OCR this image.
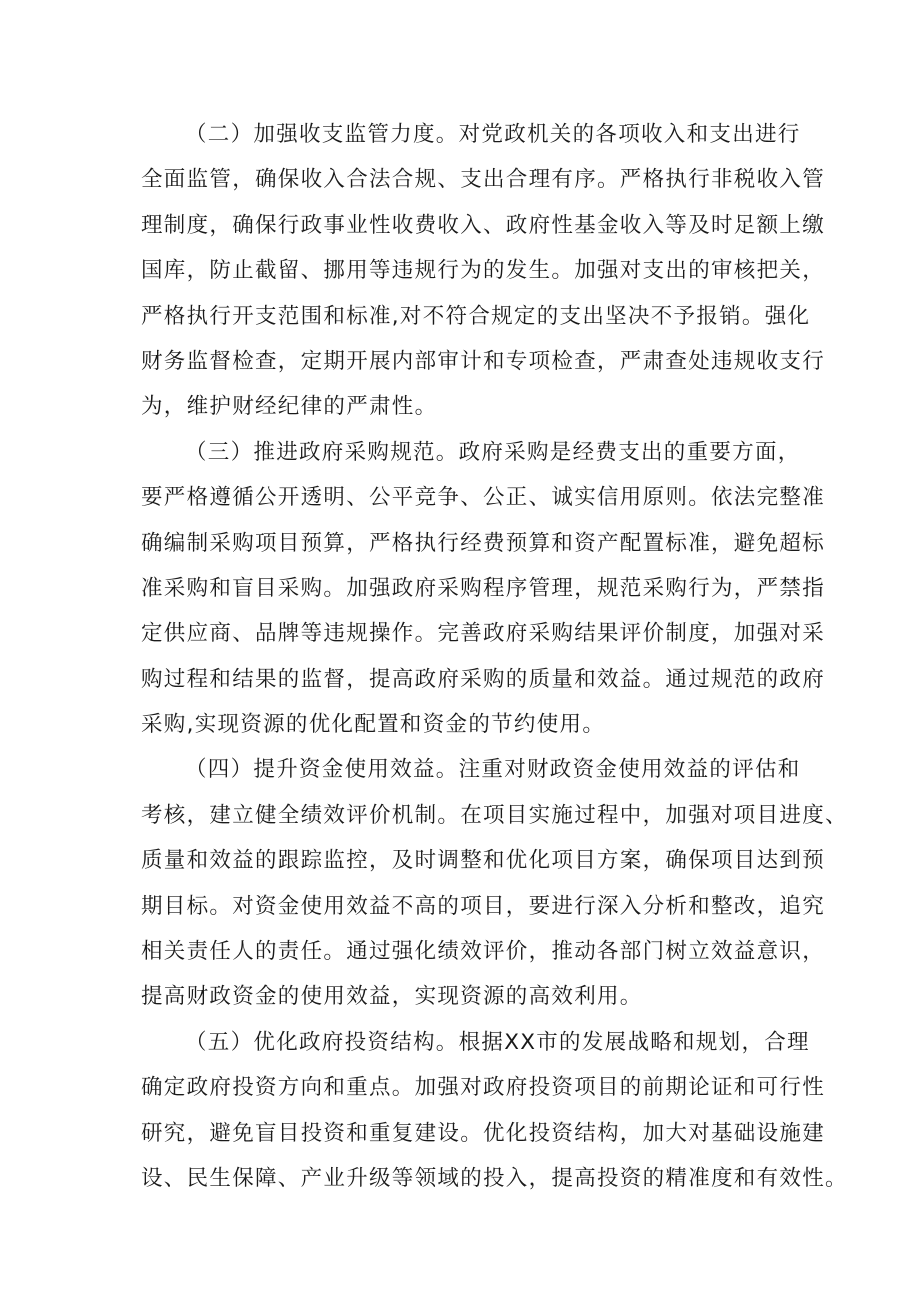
（二）加强收支监管力度。对党政机关的各项收入和支出进行
全面监管，确保收入合法合规、支出合理有序。严格执行非税收入管
理制度，确保行政事业性收费收入、政府性基金收入等及时足额上缴
国库，防止截留、挪用等违规行为的发生。加强对支出的审核把关，
严格执行开支范围和标准,对不符合规定的支出坚决不予报销。强化
财务监督检查，定期开展内部审计和专项检查，严肃查处违规收支行
为，维护财经纪律的严肃性。
（三）推进政府采购规范。政府采购是经费支出的重要方面，
要严格遵循公开透明、公平竞争、公正、诚实信用原则。依法完整准
确编制采购项目预算，严格执行经费预算和资产配置标准，避免超标
准采购和盲目采购。加强政府采购程序管理，规范采购行为，严禁指
定供应商、品牌等违规操作。完善政府采购结果评价制度，加强对采
购过程和结果的监督，提高政府采购的质量和效益。通过规范的政府
采购,实现资源的优化配置和资金的节约使用。
（四）提升资金使用效益。注重对财政资金使用效益的评估和
考核，建立健全绩效评价机制。在项目实施过程中，加强对项目进度、
质量和效益的跟踪监控，及时调整和优化项目方案，确保项目达到预
期目标。对资金使用效益不高的项目，要进行深入分析和整改，追究
相关责任人的责任。通过强化绩效评价，推动各部门树立效益意识，
提高财政资金的使用效益，实现资源的高效利用。
（五）优化政府投资结构。根据XX市的发展战略和规划，合理
确定政府投资方向和重点。加强对政府投资项目的前期论证和可行性
研究，避免盲目投资和重复建设。优化投资结构，加大对基础设施建
设、民生保障、产业升级等领域的投入，提高投资的精准度和有效性。
